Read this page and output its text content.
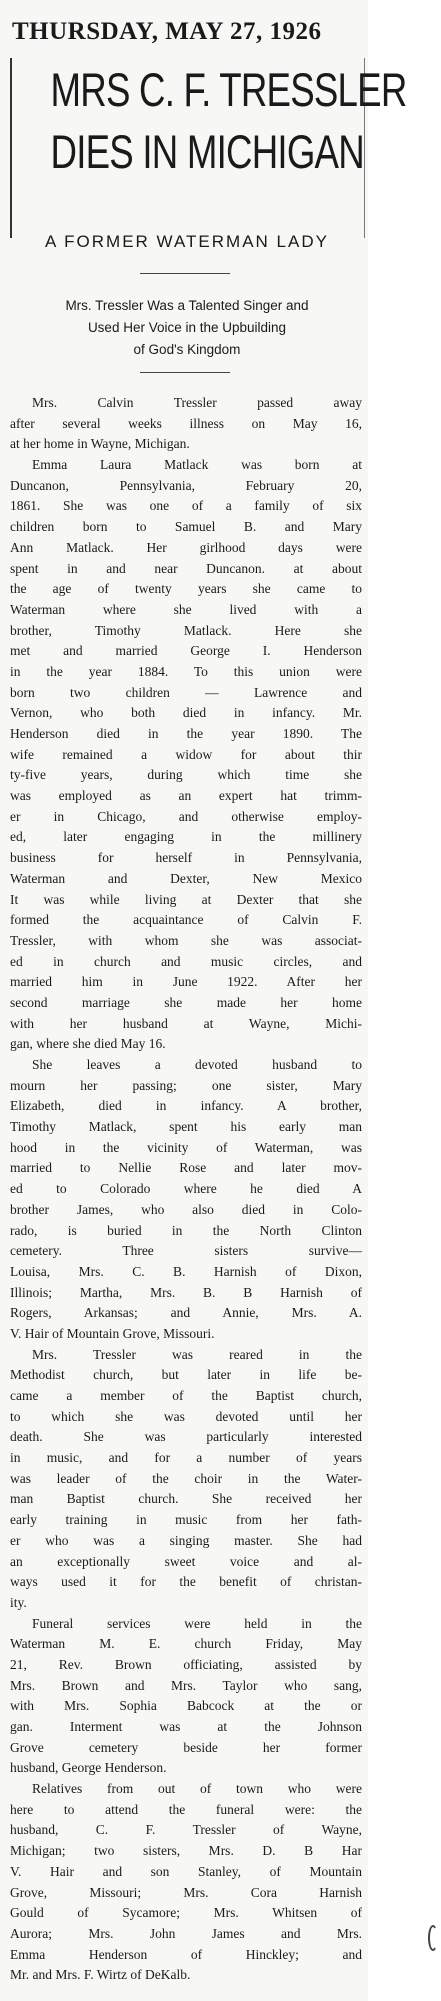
THURSDAY, MAY 27, 1926
MRS C. F. TRESSLER
DIES IN MICHIGAN
A FORMER WATERMAN LADY
Mrs. Tressler Was a Talented Singer and
Used Her Voice in the Upbuilding
of God's Kingdom
Mrs. Calvin Tressler passed away
after several weeks illness on May 16,
at her home in Wayne, Michigan.
Emma Laura Matlack was born at
Duncanon, Pennsylvania, February 20,
1861. She was one of a family of six
children born to Samuel B. and Mary
Ann Matlack. Her girlhood days were
spent in and near Duncanon. at about
the age of twenty years she came to
Waterman where she lived with a
brother, Timothy Matlack. Here she
met and married George I. Henderson
in the year 1884. To this union were
born two children — Lawrence and
Vernon, who both died in infancy. Mr.
Henderson died in the year 1890. The
wife remained a widow for about thir
ty-five years, during which time she
was employed as an expert hat trimm-
er in Chicago, and otherwise employ-
ed, later engaging in the millinery
business for herself in Pennsylvania,
Waterman and Dexter, New Mexico
It was while living at Dexter that she
formed the acquaintance of Calvin F.
Tressler, with whom she was associat-
ed in church and music circles, and
married him in June 1922. After her
second marriage she made her home
with her husband at Wayne, Michi-
gan, where she died May 16.
She leaves a devoted husband to
mourn her passing; one sister, Mary
Elizabeth, died in infancy. A brother,
Timothy Matlack, spent his early man
hood in the vicinity of Waterman, was
married to Nellie Rose and later mov-
ed to Colorado where he died A
brother James, who also died in Colo-
rado, is buried in the North Clinton
cemetery. Three sisters survive—
Louisa, Mrs. C. B. Harnish of Dixon,
Illinois; Martha, Mrs. B. B Harnish of
Rogers, Arkansas; and Annie, Mrs. A.
V. Hair of Mountain Grove, Missouri.
Mrs. Tressler was reared in the
Methodist church, but later in life be-
came a member of the Baptist church,
to which she was devoted until her
death. She was particularly interested
in music, and for a number of years
was leader of the choir in the Water-
man Baptist church. She received her
early training in music from her fath-
er who was a singing master. She had
an exceptionally sweet voice and al-
ways used it for the benefit of christan-
ity.
Funeral services were held in the
Waterman M. E. church Friday, May
21, Rev. Brown officiating, assisted by
Mrs. Brown and Mrs. Taylor who sang,
with Mrs. Sophia Babcock at the or
gan. Interment was at the Johnson
Grove cemetery beside her former
husband, George Henderson.
Relatives from out of town who were
here to attend the funeral were: the
husband, C. F. Tressler of Wayne,
Michigan; two sisters, Mrs. D. B Har
V. Hair and son Stanley, of Mountain
Grove, Missouri; Mrs. Cora Harnish
Gould of Sycamore; Mrs. Whitsen of
Aurora; Mrs. John James and Mrs.
Emma Henderson of Hinckley; and
Mr. and Mrs. F. Wirtz of DeKalb.
